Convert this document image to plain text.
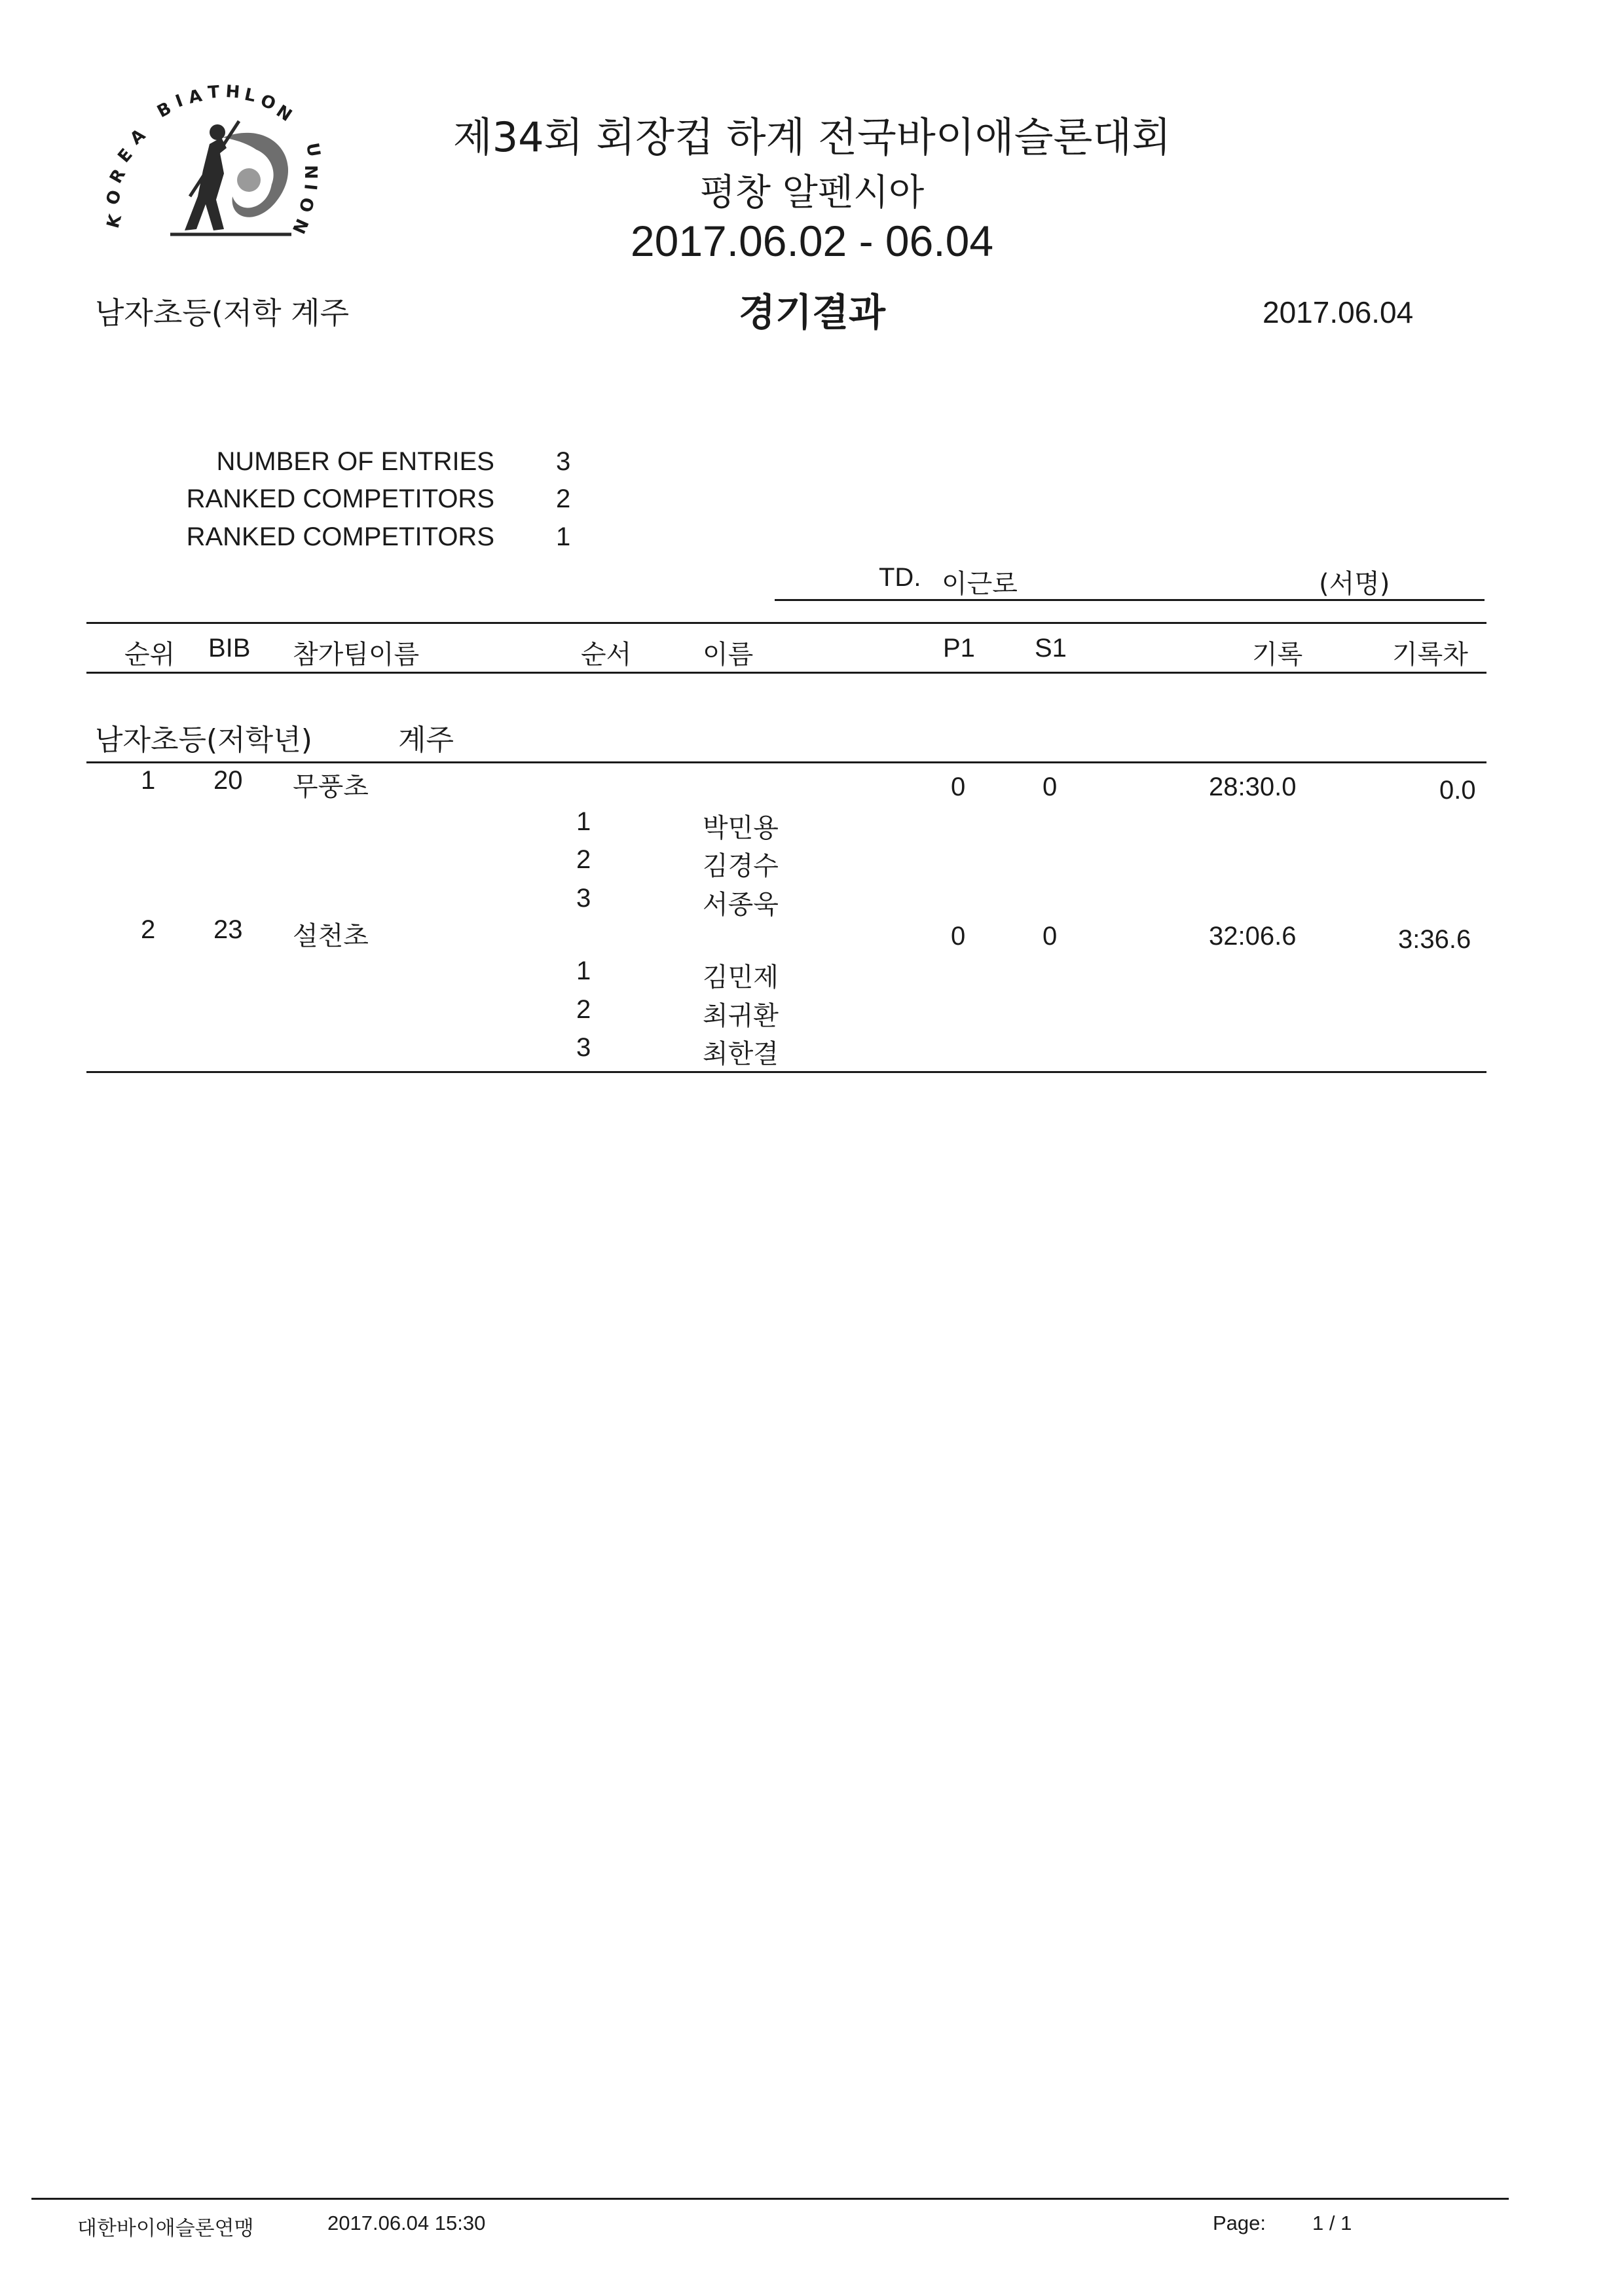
K
O
R
E
A
B
I A T H L O
N
U
N
I
O
N
제34회 회장컵 하계 전국바이애슬론대회
평창 알펜시아
2017.06.02 - 06.04
경기결과
남자초등(저학 계주	2017.06.04
NUMBER OF ENTRIES 3
RANKED COMPETITORS 2
RANKED COMPETITORS 1
TD. 이근로	(서명)
순위 BIB 참가팀이름	순서	이름	P1 S1	기록	기록차
남자초등(저학년)	계주
1 20 무풍초	0	0	28:30.0	0.0
1	박민용
2	김경수
3	서종욱
2 23 설천초	0	0	32:06.6	3:36.6
1	김민제
2	최귀환
3	최한결
대한바이애슬론연맹	2017.06.04 15:30	Page: 1 / 1
